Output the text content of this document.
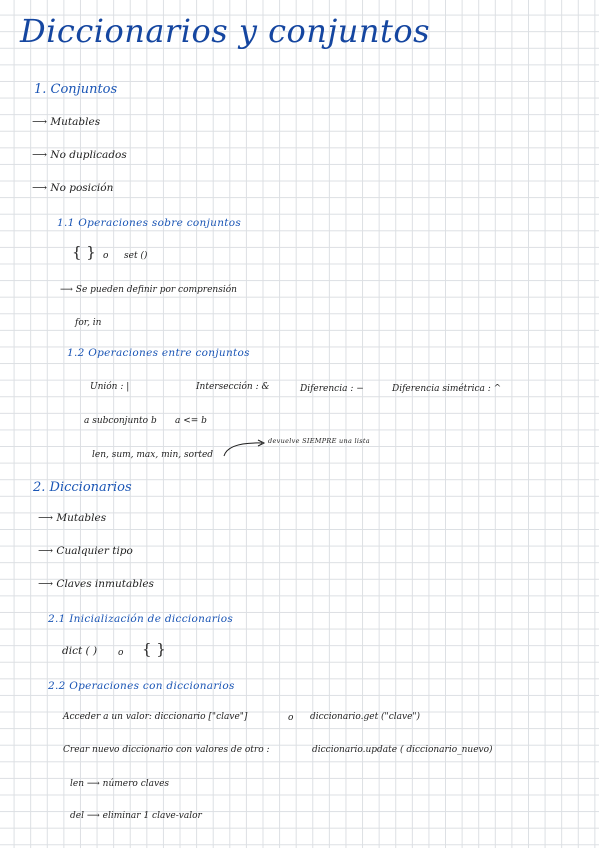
Diccionarios y conjuntos
1. Conjuntos
⟶ Mutables
⟶ No duplicados
⟶ No posición
1.1 Operaciones sobre conjuntos
{ } o set ()
⟶ Se pueden definir por comprensión
for, in
1.2 Operaciones entre conjuntos
Unión : |	Intersección : &	Diferencia : −	Diferencia simétrica : ^
a subconjunto b a <= b
len, sum, max, min, sorted
devuelve SIEMPRE una lista
2. Diccionarios
⟶ Mutables
⟶ Cualquier tipo
⟶ Claves inmutables
2.1 Inicialización de diccionarios
dict ( ) o { }
2.2 Operaciones con diccionarios
Acceder a un valor: diccionario ["clave"]	o diccionario.get ("clave")
Crear nuevo diccionario con valores de otro :	diccionario.update ( diccionario_nuevo)
len ⟶ número claves
del ⟶ eliminar 1 clave-valor
